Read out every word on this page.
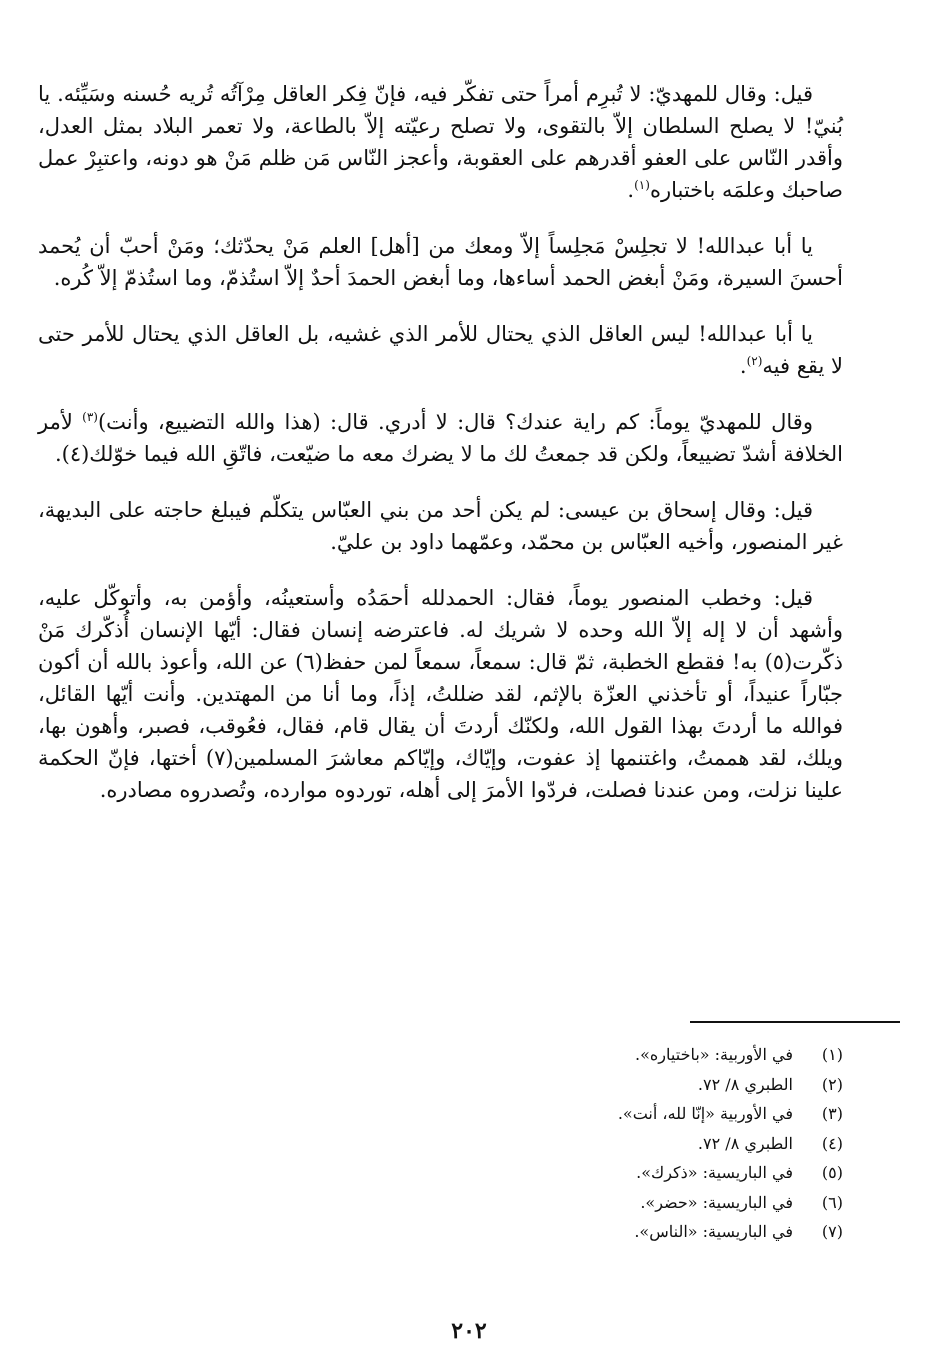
قيل: وقال للمهديّ: لا تُبرِم أمراً حتى تفكّر فيه، فإنّ فِكر العاقل مِرْآتُه تُريه حُسنه وسَيِّئه. يا بُنيّ! لا يصلح السلطان إلاّ بالتقوى، ولا تصلح رعيّته إلاّ بالطاعة، ولا تعمر البلاد بمثل العدل، وأقدر النّاس على العفو أقدرهم على العقوبة، وأعجز النّاس مَن ظلم مَنْ هو دونه، واعتبِرْ عمل صاحبك وعلمَه باختباره$^{(١)}$.

يا أبا عبدالله! لا تجلِسْ مَجلِساً إلاّ ومعك من [أهل] العلم مَنْ يحدّثك؛ ومَنْ أحبّ أن يُحمد أحسنَ السيرة، ومَنْ أبغض الحمد أساءها، وما أبغض الحمدَ أحدٌ إلاّ استُذمّ، وما استُذمّ إلاّ كُره.

يا أبا عبدالله! ليس العاقل الذي يحتال للأمر الذي غشيه، بل العاقل الذي يحتال للأمر حتى لا يقع فيه$^{(٢)}$.

وقال للمهديّ يوماً: كم راية عندك؟ قال: لا أدري. قال: (هذا والله التضييع، وأنت)$^{(٣)}$ لأمر الخلافة أشدّ تضييعاً، ولكن قد جمعتُ لك ما لا يضرك معه ما ضيّعت، فاتّقِ الله فيما خوّلك(٤).

قيل: وقال إسحاق بن عيسى: لم يكن أحد من بني العبّاس يتكلّم فيبلغ حاجته على البديهة، غير المنصور، وأخيه العبّاس بن محمّد، وعمّهما داود بن عليّ.

قيل: وخطب المنصور يوماً، فقال: الحمدلله أحمَدُه وأستعينُه، وأؤمن به، وأتوكّل عليه، وأشهد أن لا إله إلاّ الله وحده لا شريك له. فاعترضه إنسان فقال: أيّها الإنسان أُذكّرك مَنْ ذكّرت(٥) به! فقطع الخطبة، ثمّ قال: سمعاً، سمعاً لمن حفظ(٦) عن الله، وأعوذ بالله أن أكون جبّاراً عنيداً، أو تأخذني العزّة بالإثم، لقد ضللتُ، إذاً، وما أنا من المهتدين. وأنت أيّها القائل، فوالله ما أردتَ بهذا القول الله، ولكنّك أردتَ أن يقال قام، فقال، فعُوقب، فصبر، وأهون بها، ويلك، لقد هممتُ، واغتنمها إذ عفوت، وإيّاك، وإيّاكم معاشرَ المسلمين(٧) أختها، فإنّ الحكمة علينا نزلت، ومن عندنا فصلت، فردّوا الأمرَ إلى أهله، توردوه موارده، وتُصدروه مصادره.

(١)
في الأوربية: «باختياره».
(٢)
الطبري ٨/ ٧٢.
(٣)
في الأوربية «إنّا لله، أنت».
(٤)
الطبري ٨/ ٧٢.
(٥)
في الباريسية: «ذكرك».
(٦)
في الباريسية: «حضر».
(٧)
في الباريسية: «الناس».
٢٠٢
